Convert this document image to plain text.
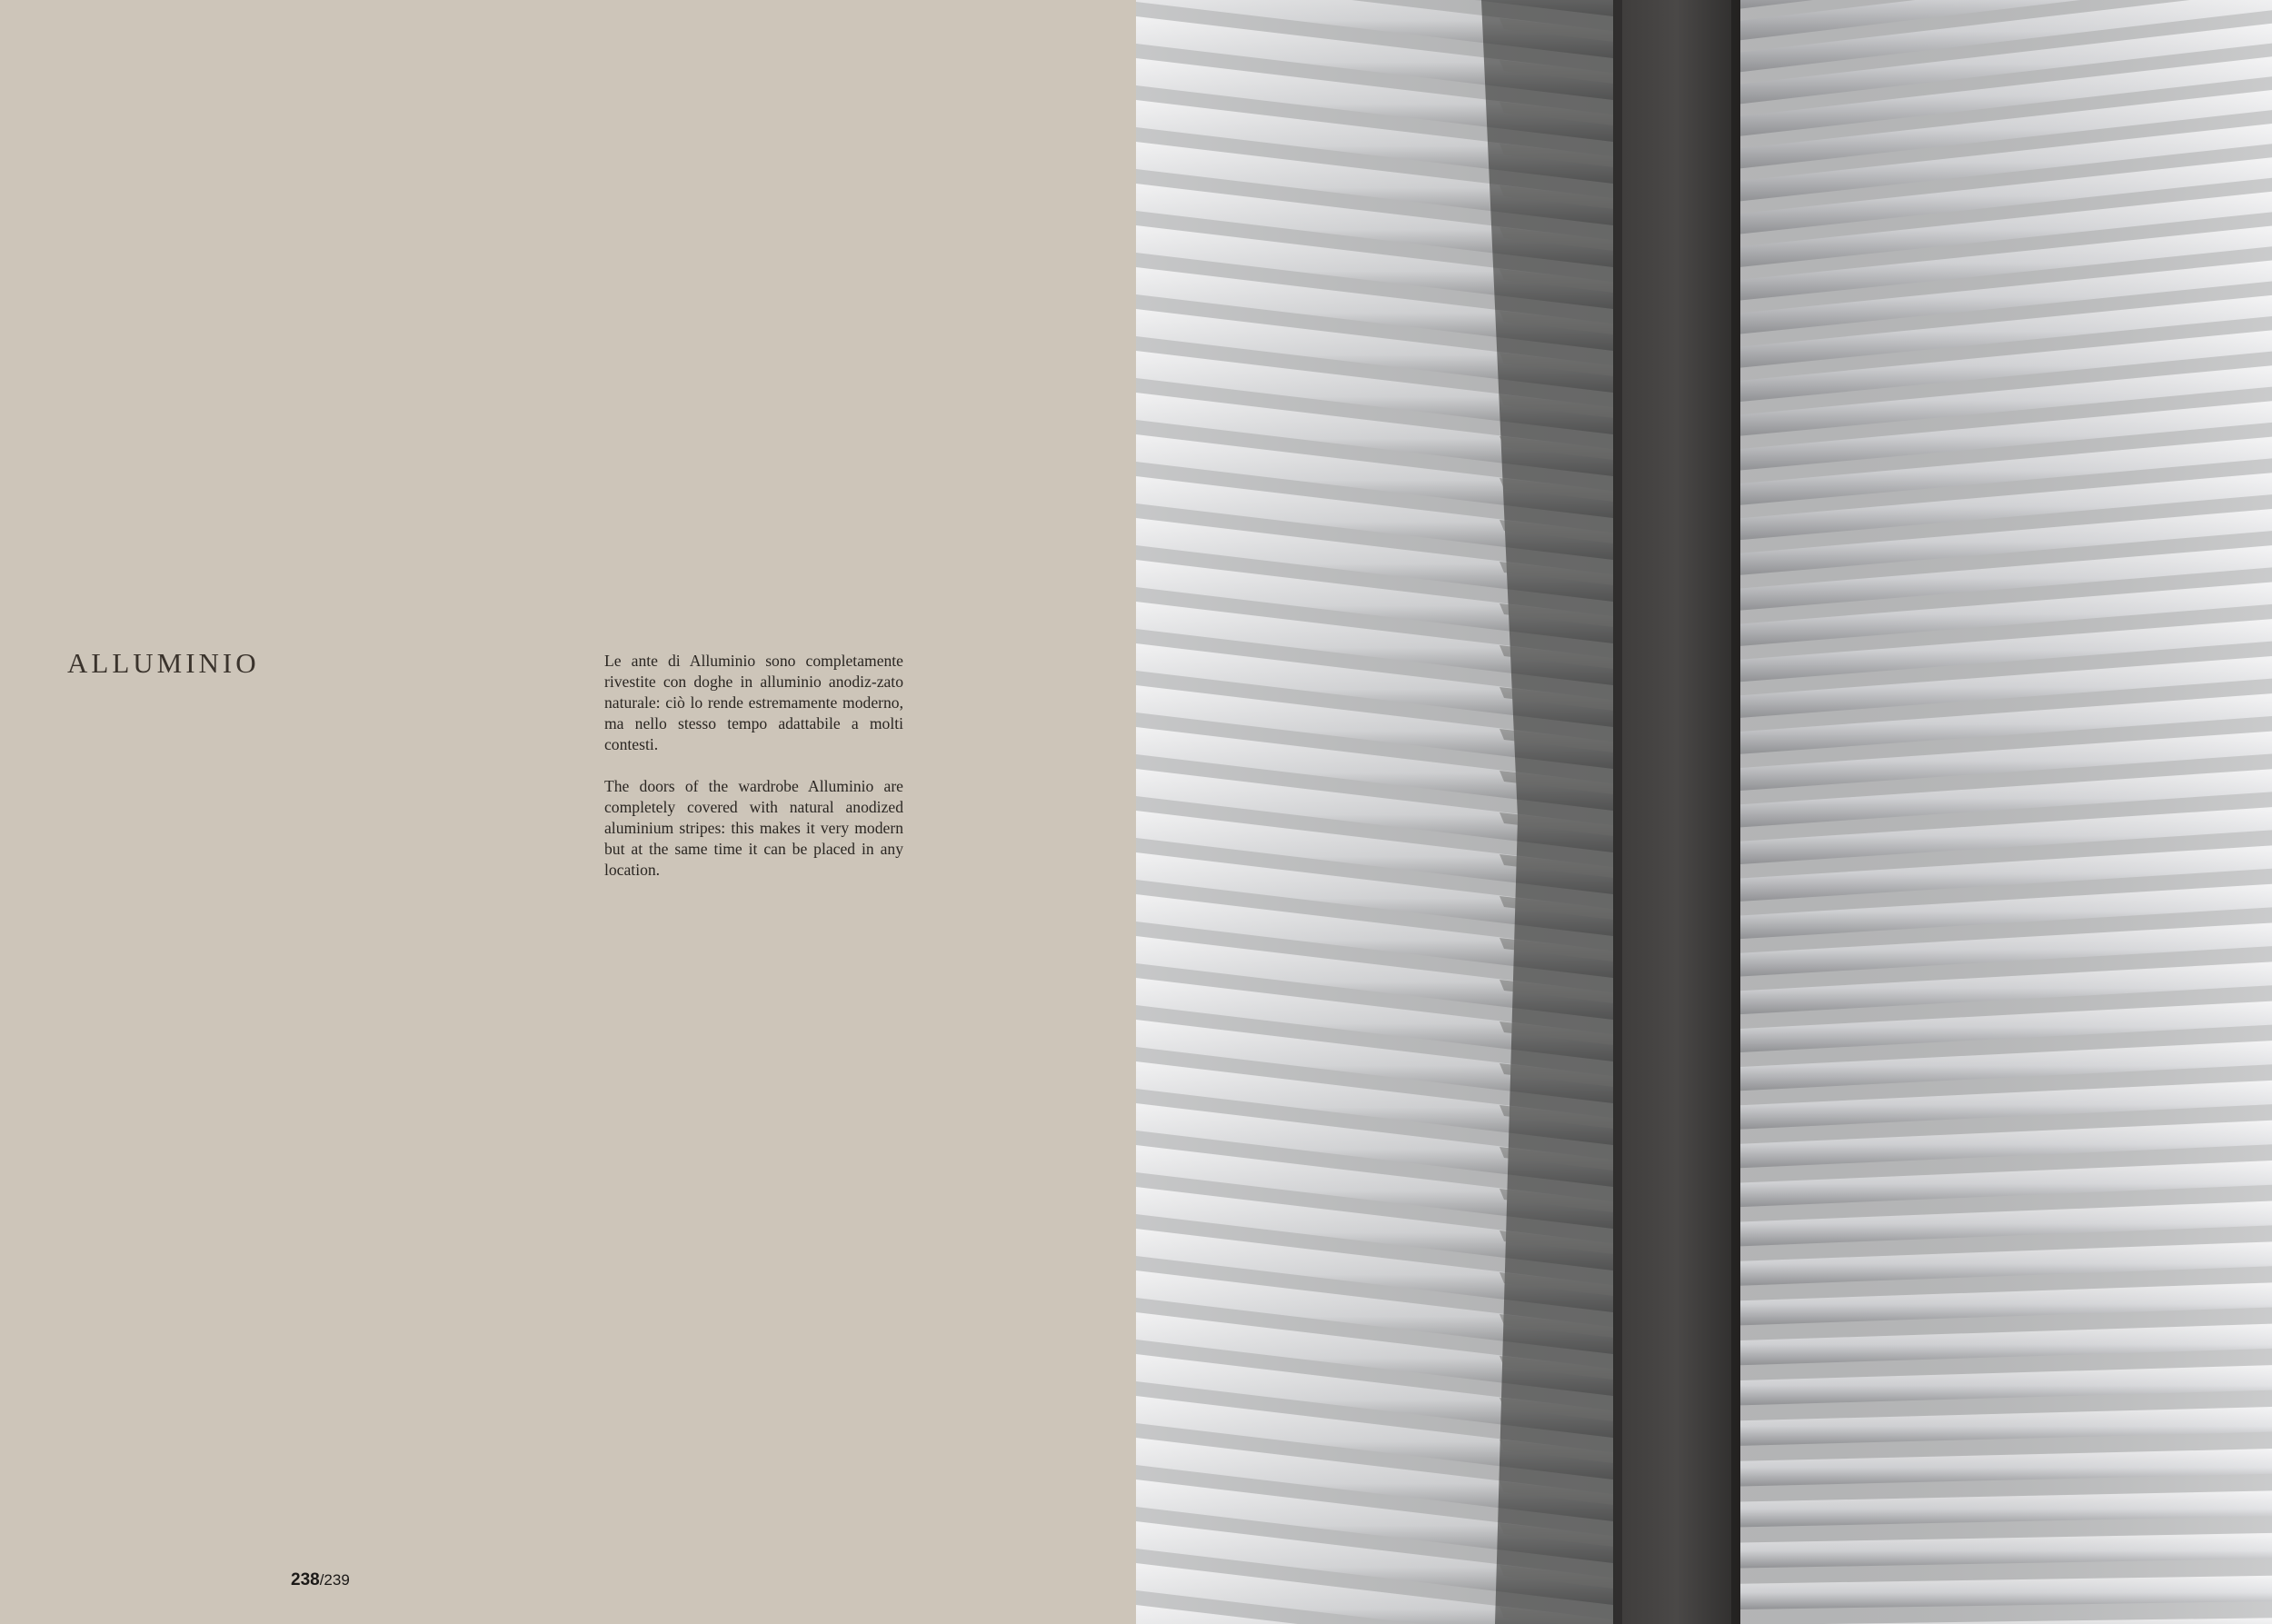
ALLUMINIO	Le ante di Alluminio sono completamente rivestite con doghe in alluminio anodiz-zato naturale: ciò lo rende estremamente moderno, ma nello stesso tempo adattabile a molti contesti.

The doors of the wardrobe Alluminio are completely covered with natural anodized aluminium stripes: this makes it very modern but at the same time it can be placed in any location.

238/239
